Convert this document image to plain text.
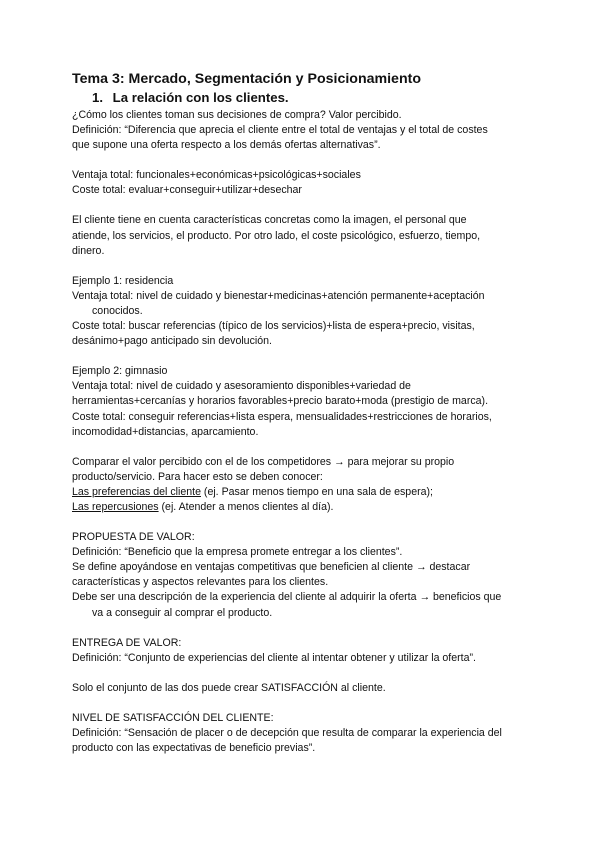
Tema 3: Mercado, Segmentación y Posicionamiento
1. La relación con los clientes.

¿Cómo los clientes toman sus decisiones de compra? Valor percibido.

Definición: “Diferencia que aprecia el cliente entre el total de ventajas y el total de costes

que supone una oferta respecto a los demás ofertas alternativas”.

Ventaja total: funcionales+económicas+psicológicas+sociales

Coste total: evaluar+conseguir+utilizar+desechar

El cliente tiene en cuenta características concretas como la imagen, el personal que

atiende, los servicios, el producto. Por otro lado, el coste psicológico, esfuerzo, tiempo,

dinero.

Ejemplo 1: residencia

Ventaja total: nivel de cuidado y bienestar+medicinas+atención permanente+aceptación

conocidos.

Coste total: buscar referencias (típico de los servicios)+lista de espera+precio, visitas,

desánimo+pago anticipado sin devolución.

Ejemplo 2: gimnasio

Ventaja total: nivel de cuidado y asesoramiento disponibles+variedad de

herramientas+cercanías y horarios favorables+precio barato+moda (prestigio de marca).

Coste total: conseguir referencias+lista espera, mensualidades+restricciones de horarios,

incomodidad+distancias, aparcamiento.

Comparar el valor percibido con el de los competidores → para mejorar su propio

producto/servicio. Para hacer esto se deben conocer:

Las preferencias del cliente (ej. Pasar menos tiempo en una sala de espera);

Las repercusiones (ej. Atender a menos clientes al día).

PROPUESTA DE VALOR:

Definición: “Beneficio que la empresa promete entregar a los clientes”.

Se define apoyándose en ventajas competitivas que beneficien al cliente → destacar

características y aspectos relevantes para los clientes.

Debe ser una descripción de la experiencia del cliente al adquirir la oferta → beneficios que

va a conseguir al comprar el producto.

ENTREGA DE VALOR:

Definición: “Conjunto de experiencias del cliente al intentar obtener y utilizar la oferta”.

Solo el conjunto de las dos puede crear SATISFACCIÓN al cliente.

NIVEL DE SATISFACCIÓN DEL CLIENTE:

Definición: “Sensación de placer o de decepción que resulta de comparar la experiencia del

producto con las expectativas de beneficio previas”.
